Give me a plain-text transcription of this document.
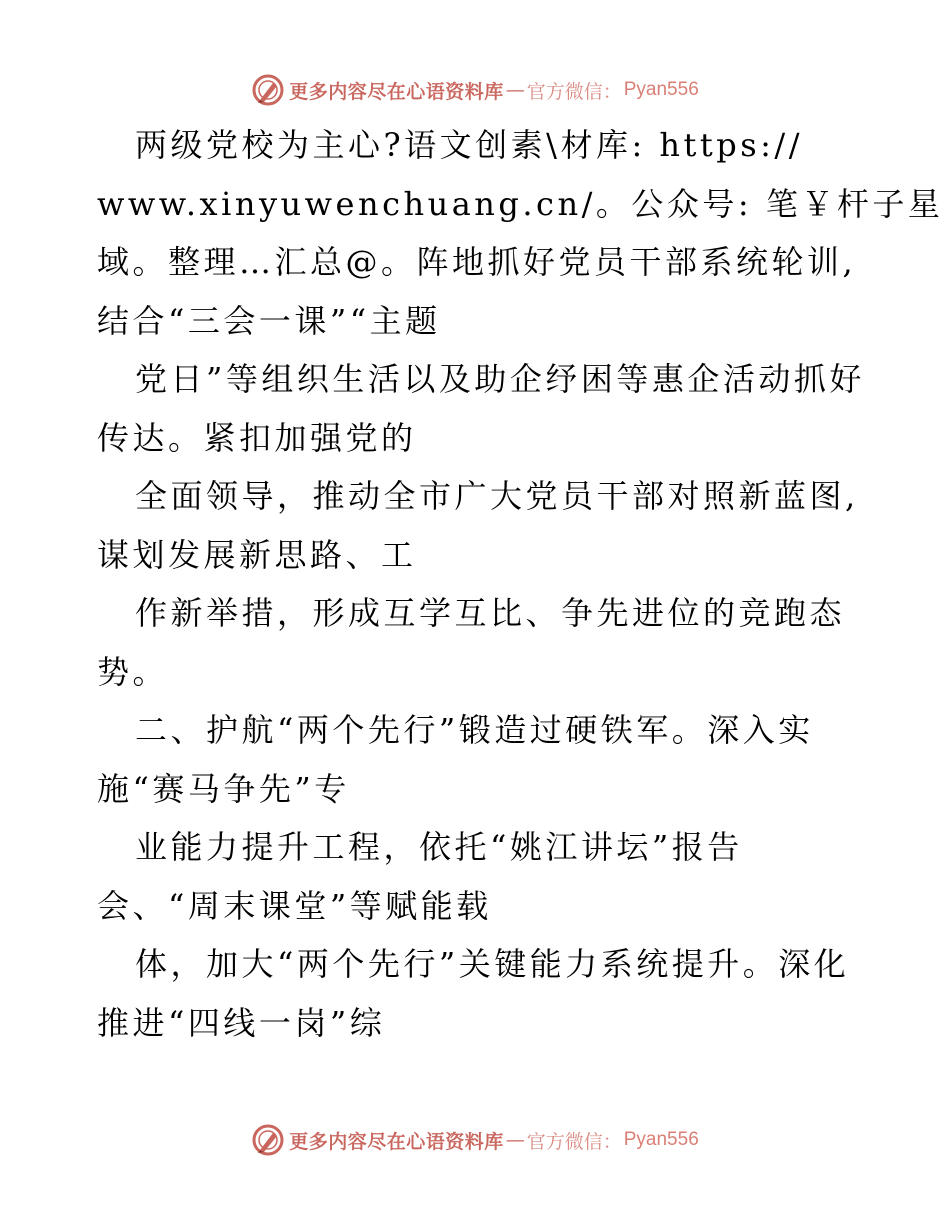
更多内容尽在心语资料库 — 官方微信： Pyan556
两级党校为主心?语文创素\材库: https://
www.xinyuwenchuang.cn/。公众号: 笔￥杆子星
域。整理…汇总@。阵地抓好党员干部系统轮训,
结合“三会一课”“主题
党日”等组织生活以及助企纾困等惠企活动抓好
传达。紧扣加强党的
全面领导，推动全市广大党员干部对照新蓝图,
谋划发展新思路、工
作新举措，形成互学互比、争先进位的竞跑态
势。
二、护航“两个先行”锻造过硬铁军。深入实
施“赛马争先”专
业能力提升工程，依托“姚江讲坛”报告
会、“周末课堂”等赋能载
体，加大“两个先行”关键能力系统提升。深化
推进“四线一岗”综
更多内容尽在心语资料库 — 官方微信： Pyan556
